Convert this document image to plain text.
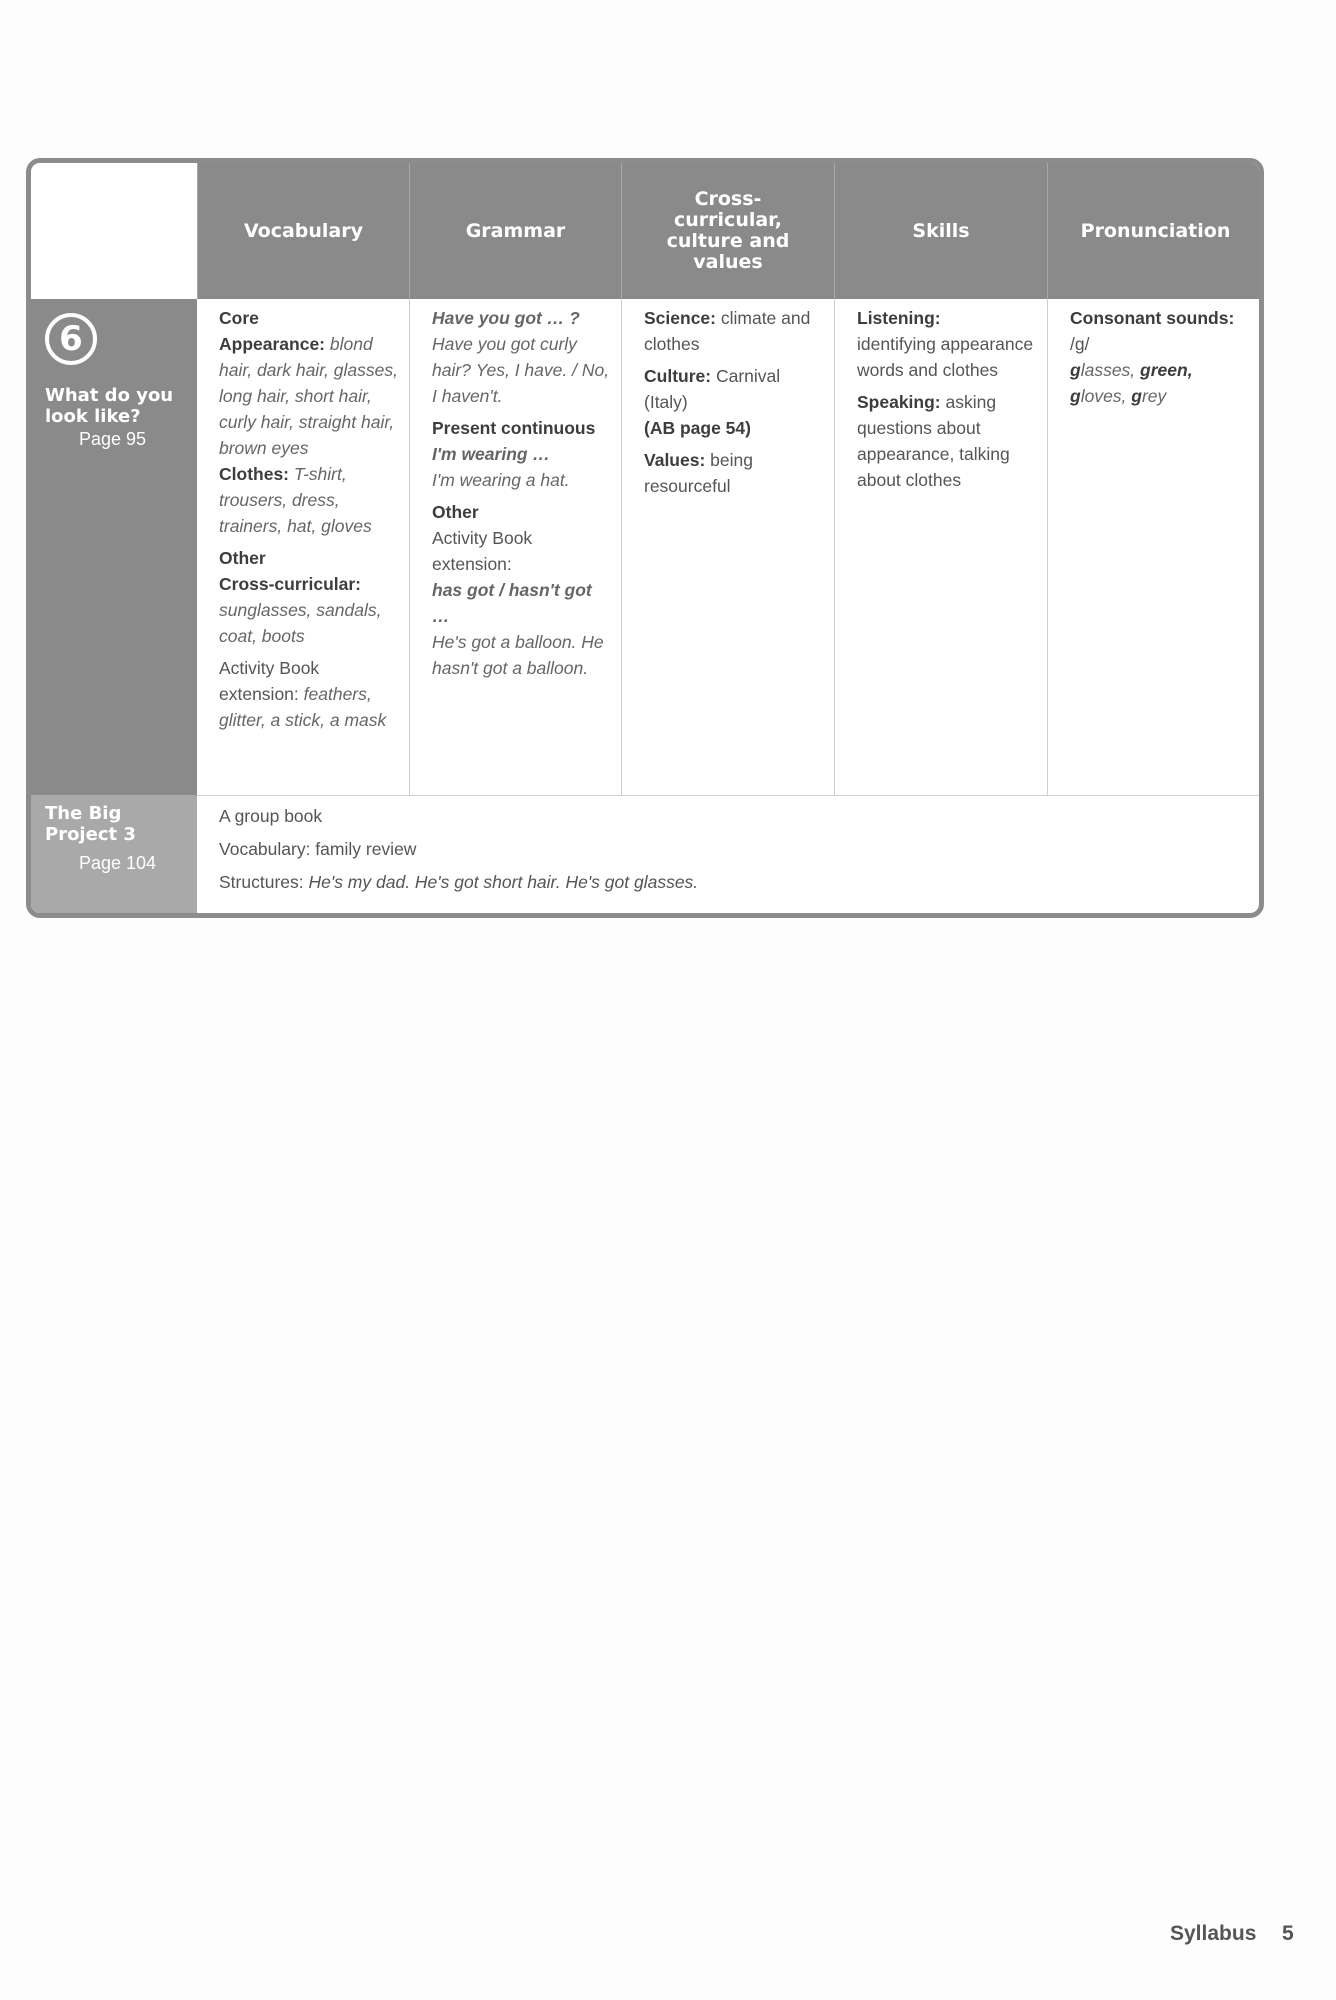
Vocabulary	Grammar
Cross-curricular, culture and values
Skills	Pronunciation
6
What do you look like?
Page 95
The Big Project 3
Page 104

Core
Appearance: blond hair, dark hair, glasses, long hair, short hair, curly hair, straight hair, brown eyes
Clothes: T-shirt, trousers, dress, trainers, hat, gloves

Other
Cross-curricular: sunglasses, sandals, coat, boots

Activity Book extension: feathers, glitter, a stick, a mask

Have you got … ? Have you got curly hair? Yes, I have. / No, I haven't.

Present continuous
I'm wearing …
I'm wearing a hat.

Other
Activity Book extension:
has got / hasn't got …
He's got a balloon. He hasn't got a balloon.

Science: climate and clothes

Culture: Carnival (Italy)
(AB page 54)

Values: being resourceful

Listening:
identifying appearance words and clothes

Speaking: asking questions about appearance, talking about clothes

Consonant sounds: /g/
glasses, green,
gloves, grey

A group book
Vocabulary: family review
Structures: He's my dad. He's got short hair. He's got glasses.
Syllabus 5
